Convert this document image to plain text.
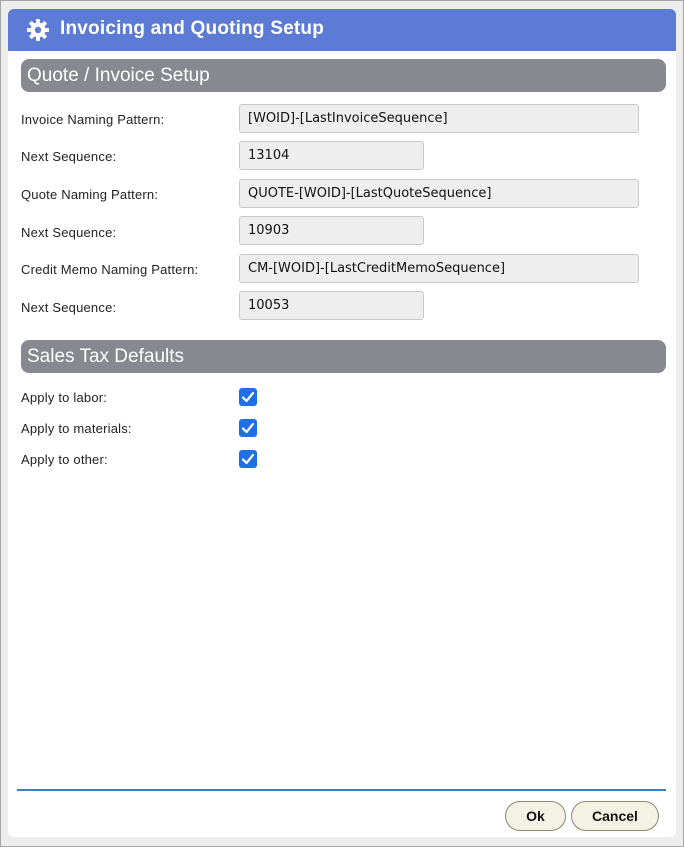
Invoicing and Quoting Setup
Quote / Invoice Setup
Invoice Naming Pattern:
[WOID]-[LastInvoiceSequence]
Next Sequence:
13104
Quote Naming Pattern:
QUOTE-[WOID]-[LastQuoteSequence]
Next Sequence:
10903
Credit Memo Naming Pattern:
CM-[WOID]-[LastCreditMemoSequence]
Next Sequence:
10053
Sales Tax Defaults
Apply to labor:
Apply to materials:
Apply to other:
Ok	Cancel
